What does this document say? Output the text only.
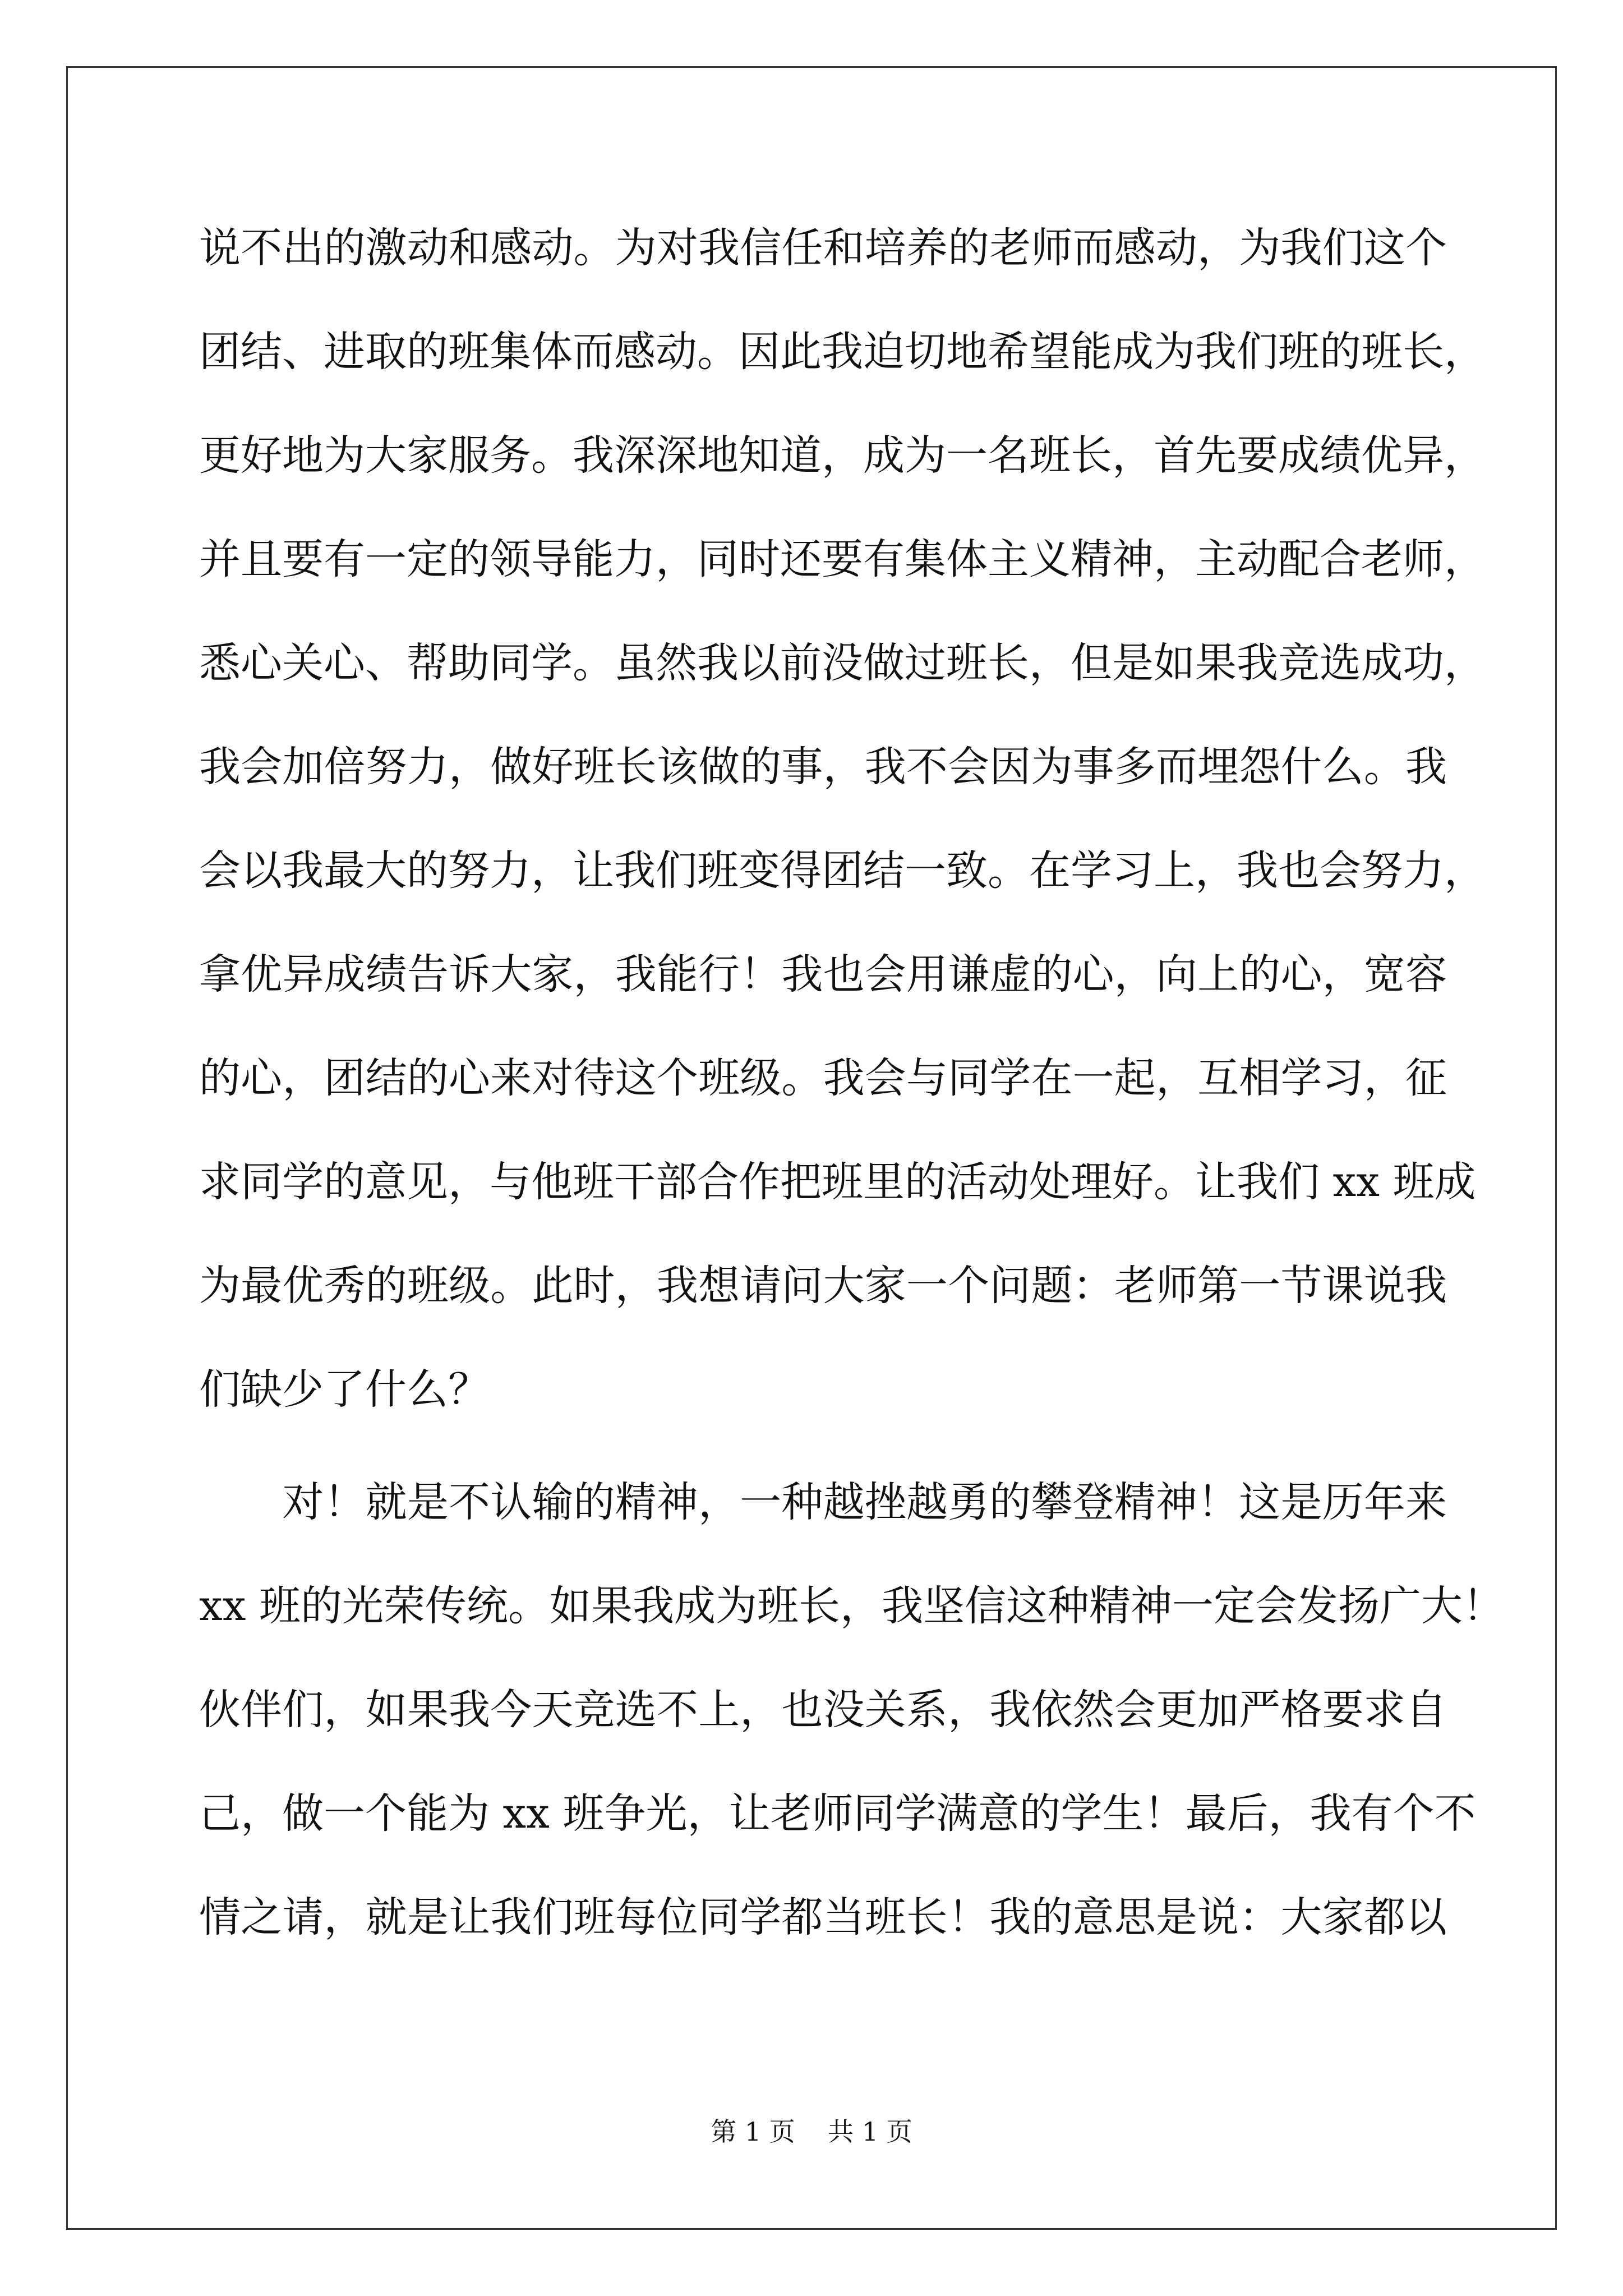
说不出的激动和感动。为对我信任和培养的老师而感动，为我们这个
团结、进取的班集体而感动。因此我迫切地希望能成为我们班的班长，
更好地为大家服务。我深深地知道，成为一名班长，首先要成绩优异，
并且要有一定的领导能力，同时还要有集体主义精神，主动配合老师，
悉心关心、帮助同学。虽然我以前没做过班长，但是如果我竞选成功，
我会加倍努力，做好班长该做的事，我不会因为事多而埋怨什么。我
会以我最大的努力，让我们班变得团结一致。在学习上，我也会努力，
拿优异成绩告诉大家，我能行！我也会用谦虚的心，向上的心，宽容
的心，团结的心来对待这个班级。我会与同学在一起，互相学习，征
求同学的意见，与他班干部合作把班里的活动处理好。让我们 xx 班成
为最优秀的班级。此时，我想请问大家一个问题：老师第一节课说我
们缺少了什么？
　　对！就是不认输的精神，一种越挫越勇的攀登精神！这是历年来
xx 班的光荣传统。如果我成为班长，我坚信这种精神一定会发扬广大！
伙伴们，如果我今天竞选不上，也没关系，我依然会更加严格要求自
己，做一个能为 xx 班争光，让老师同学满意的学生！最后，我有个不
情之请，就是让我们班每位同学都当班长！我的意思是说：大家都以
第 1 页    共 1 页
